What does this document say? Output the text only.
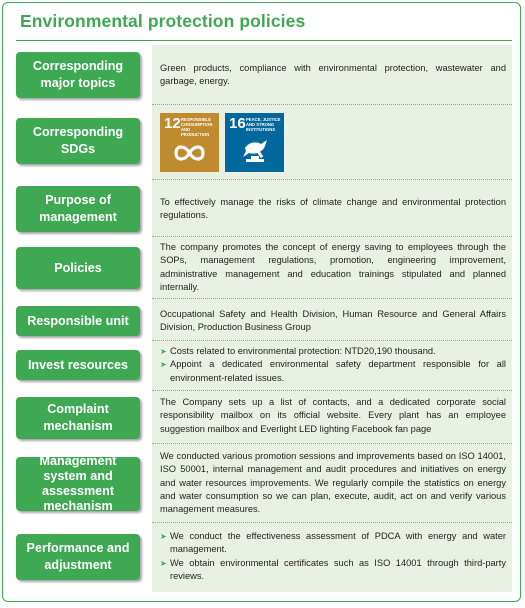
Environmental protection policies
Corresponding major topics

Green products, compliance with environmental protection, wastewater and garbage, energy.

Corresponding SDGs
12 RESPONSIBLE CONSUMPTION AND PRODUCTION
16 PEACE, JUSTICE AND STRONG INSTITUTIONS
Purpose of management

To effectively manage the risks of climate change and environmental protection regulations.

Policies

The company promotes the concept of energy saving to employees through the SOPs, management regulations, promotion, engineering improvement, administrative management and education trainings stipulated and planned internally.

Responsible unit	Occupational Safety and Health Division, Human Resource and General Affairs Division, Production Business Group

Invest resources
➤ Costs related to environmental protection: NTD20,190 thousand.
➤ Appoint a dedicated environmental safety department responsible for all environment-related issues.
Complaint mechanism

The Company sets up a list of contacts, and a dedicated corporate social responsibility mailbox on its official website. Every plant has an employee suggestion mailbox and Everlight LED lighting Facebook fan page

Management system and assessment mechanism

We conducted various promotion sessions and improvements based on ISO 14001, ISO 50001, internal management and audit procedures and initiatives on energy and water resources improvements. We regularly compile the statistics on energy and water consumption so we can plan, execute, audit, act on and verify various management measures.

Performance and adjustment
➤ We conduct the effectiveness assessment of PDCA with energy and water management.
➤ We obtain environmental certificates such as ISO 14001 through third-party reviews.
